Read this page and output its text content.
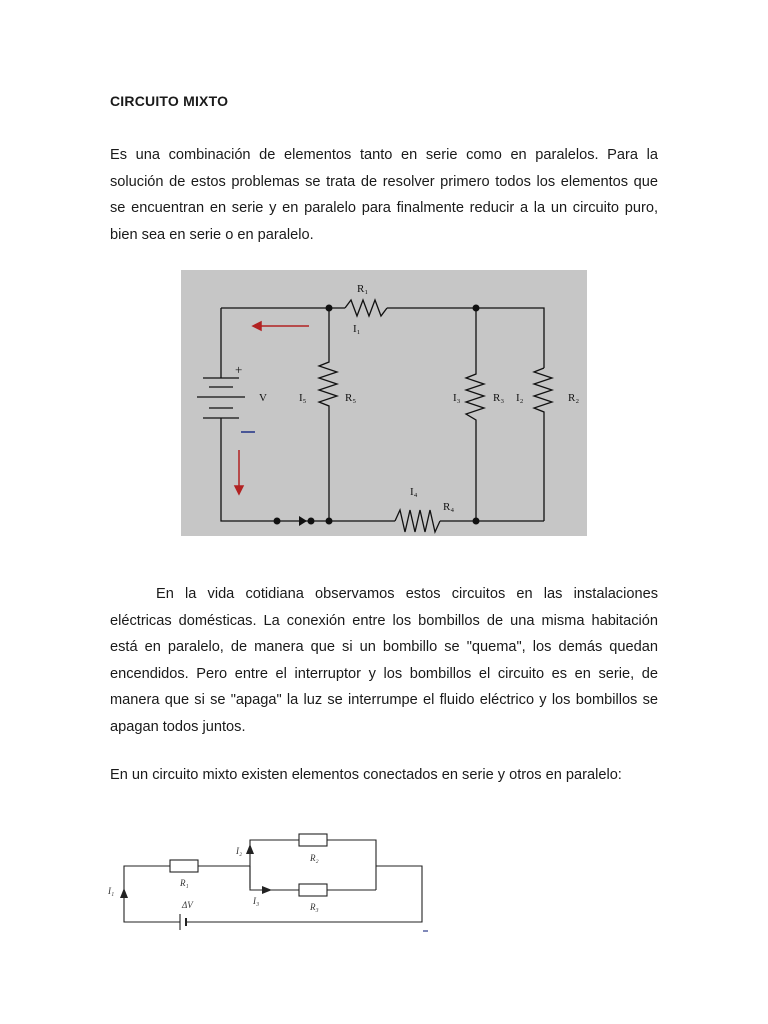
CIRCUITO MIXTO

Es una combinación de elementos tanto en serie como en paralelos. Para la solución de estos problemas se trata de resolver primero todos los elementos que se encuentran en serie y en paralelo para finalmente reducir a la un circuito puro, bien sea en serie o en paralelo.

R₁
I₁
+
V	I₅	R₅	I₃	R₃ I₂	R₂
I₄
R₄

En la vida cotidiana observamos estos circuitos en las instalaciones eléctricas domésticas. La conexión entre los bombillos de una misma habitación está en paralelo, de manera que si un bombillo se "quema", los demás quedan encendidos. Pero entre el interruptor y los bombillos el circuito es en serie, de manera que si se "apaga" la luz se interrumpe el fluido eléctrico y los bombillos se apagan todos juntos.

En un circuito mixto existen elementos conectados en serie y otros en paralelo:

I₁
R₁
ΔV
I₂
R₂
I₃
R₃
